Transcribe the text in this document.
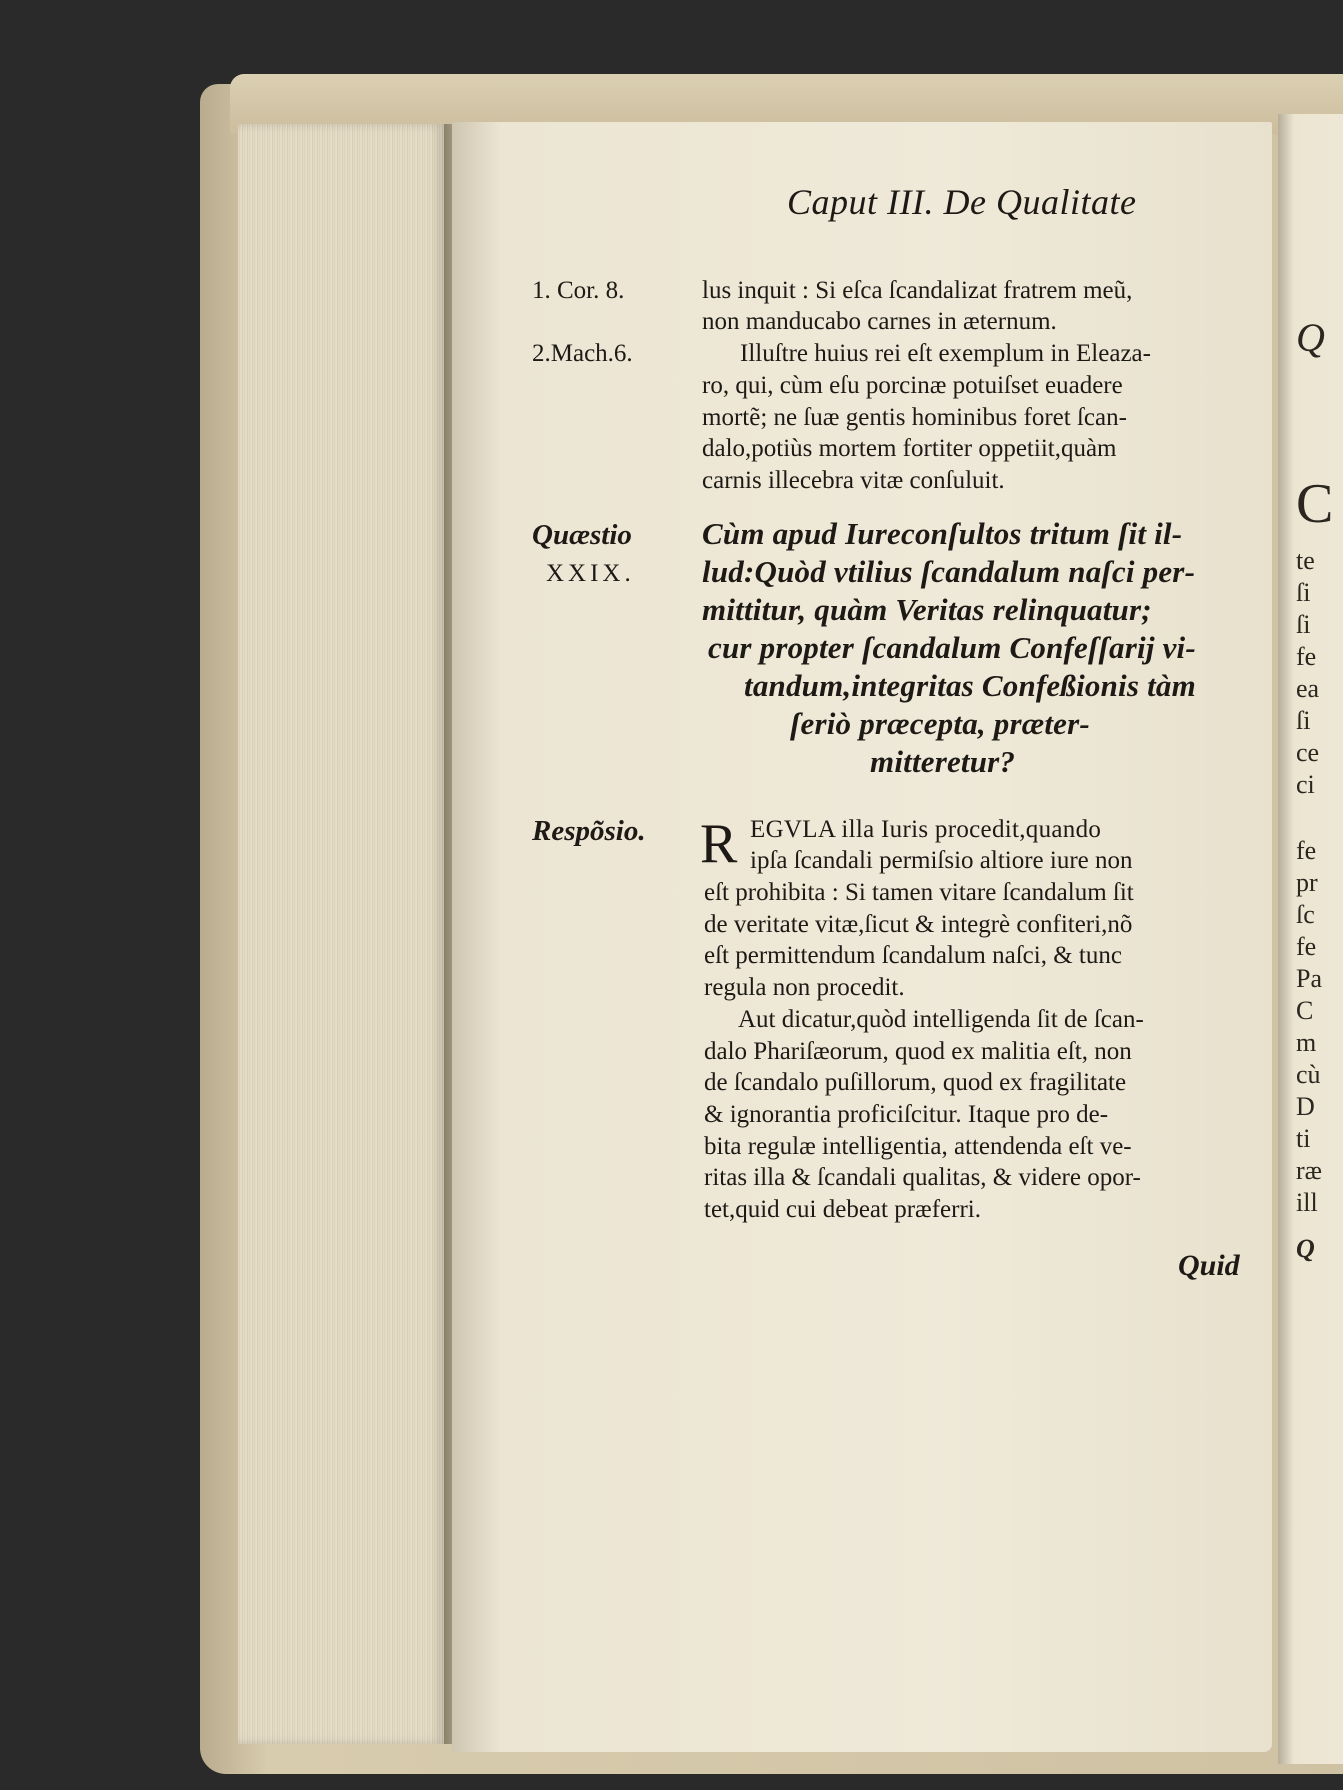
Q
C
te
ſi
ſi
fe
ea
ſi
ce
ci
fe
pr
ſc
fe
Pa
C
m
cù
D
ti
ræ
ill
Q
Caput III. De Qualitate
1. Cor. 8.
2.Mach.6.
lus inquit : Si eſca ſcandalizat fratrem meũ,
non manducabo carnes in æternum.
Illuſtre huius rei eſt exemplum in Eleaza-
ro, qui, cùm eſu porcinæ potuiſset euadere
mortẽ; ne ſuæ gentis hominibus foret ſcan-
dalo,potiùs mortem fortiter oppetiit,quàm
carnis illecebra vitæ conſuluit.
Quæstio
XXIX.
Cùm apud Iureconſultos tritum ſit il-
lud:Quòd vtilius ſcandalum naſci per-
mittitur, quàm Veritas relinquatur;
cur propter ſcandalum Confeſſarij vi-
tandum,integritas Confeßionis tàm
ſeriò præcepta, præter-
mitteretur?
Respõsio. R EGVLA illa Iuris procedit,quando
ipſa ſcandali permiſsio altiore iure non
eſt prohibita : Si tamen vitare ſcandalum ſit
de veritate vitæ,ſicut & integrè confiteri,nõ
eſt permittendum ſcandalum naſci, & tunc
regula non procedit.
Aut dicatur,quòd intelligenda ſit de ſcan-
dalo Phariſæorum, quod ex malitia eſt, non
de ſcandalo puſillorum, quod ex fragilitate
& ignorantia proficiſcitur. Itaque pro de-
bita regulæ intelligentia, attendenda eſt ve-
ritas illa & ſcandali qualitas, & videre opor-
tet,quid cui debeat præferri.
Quid
